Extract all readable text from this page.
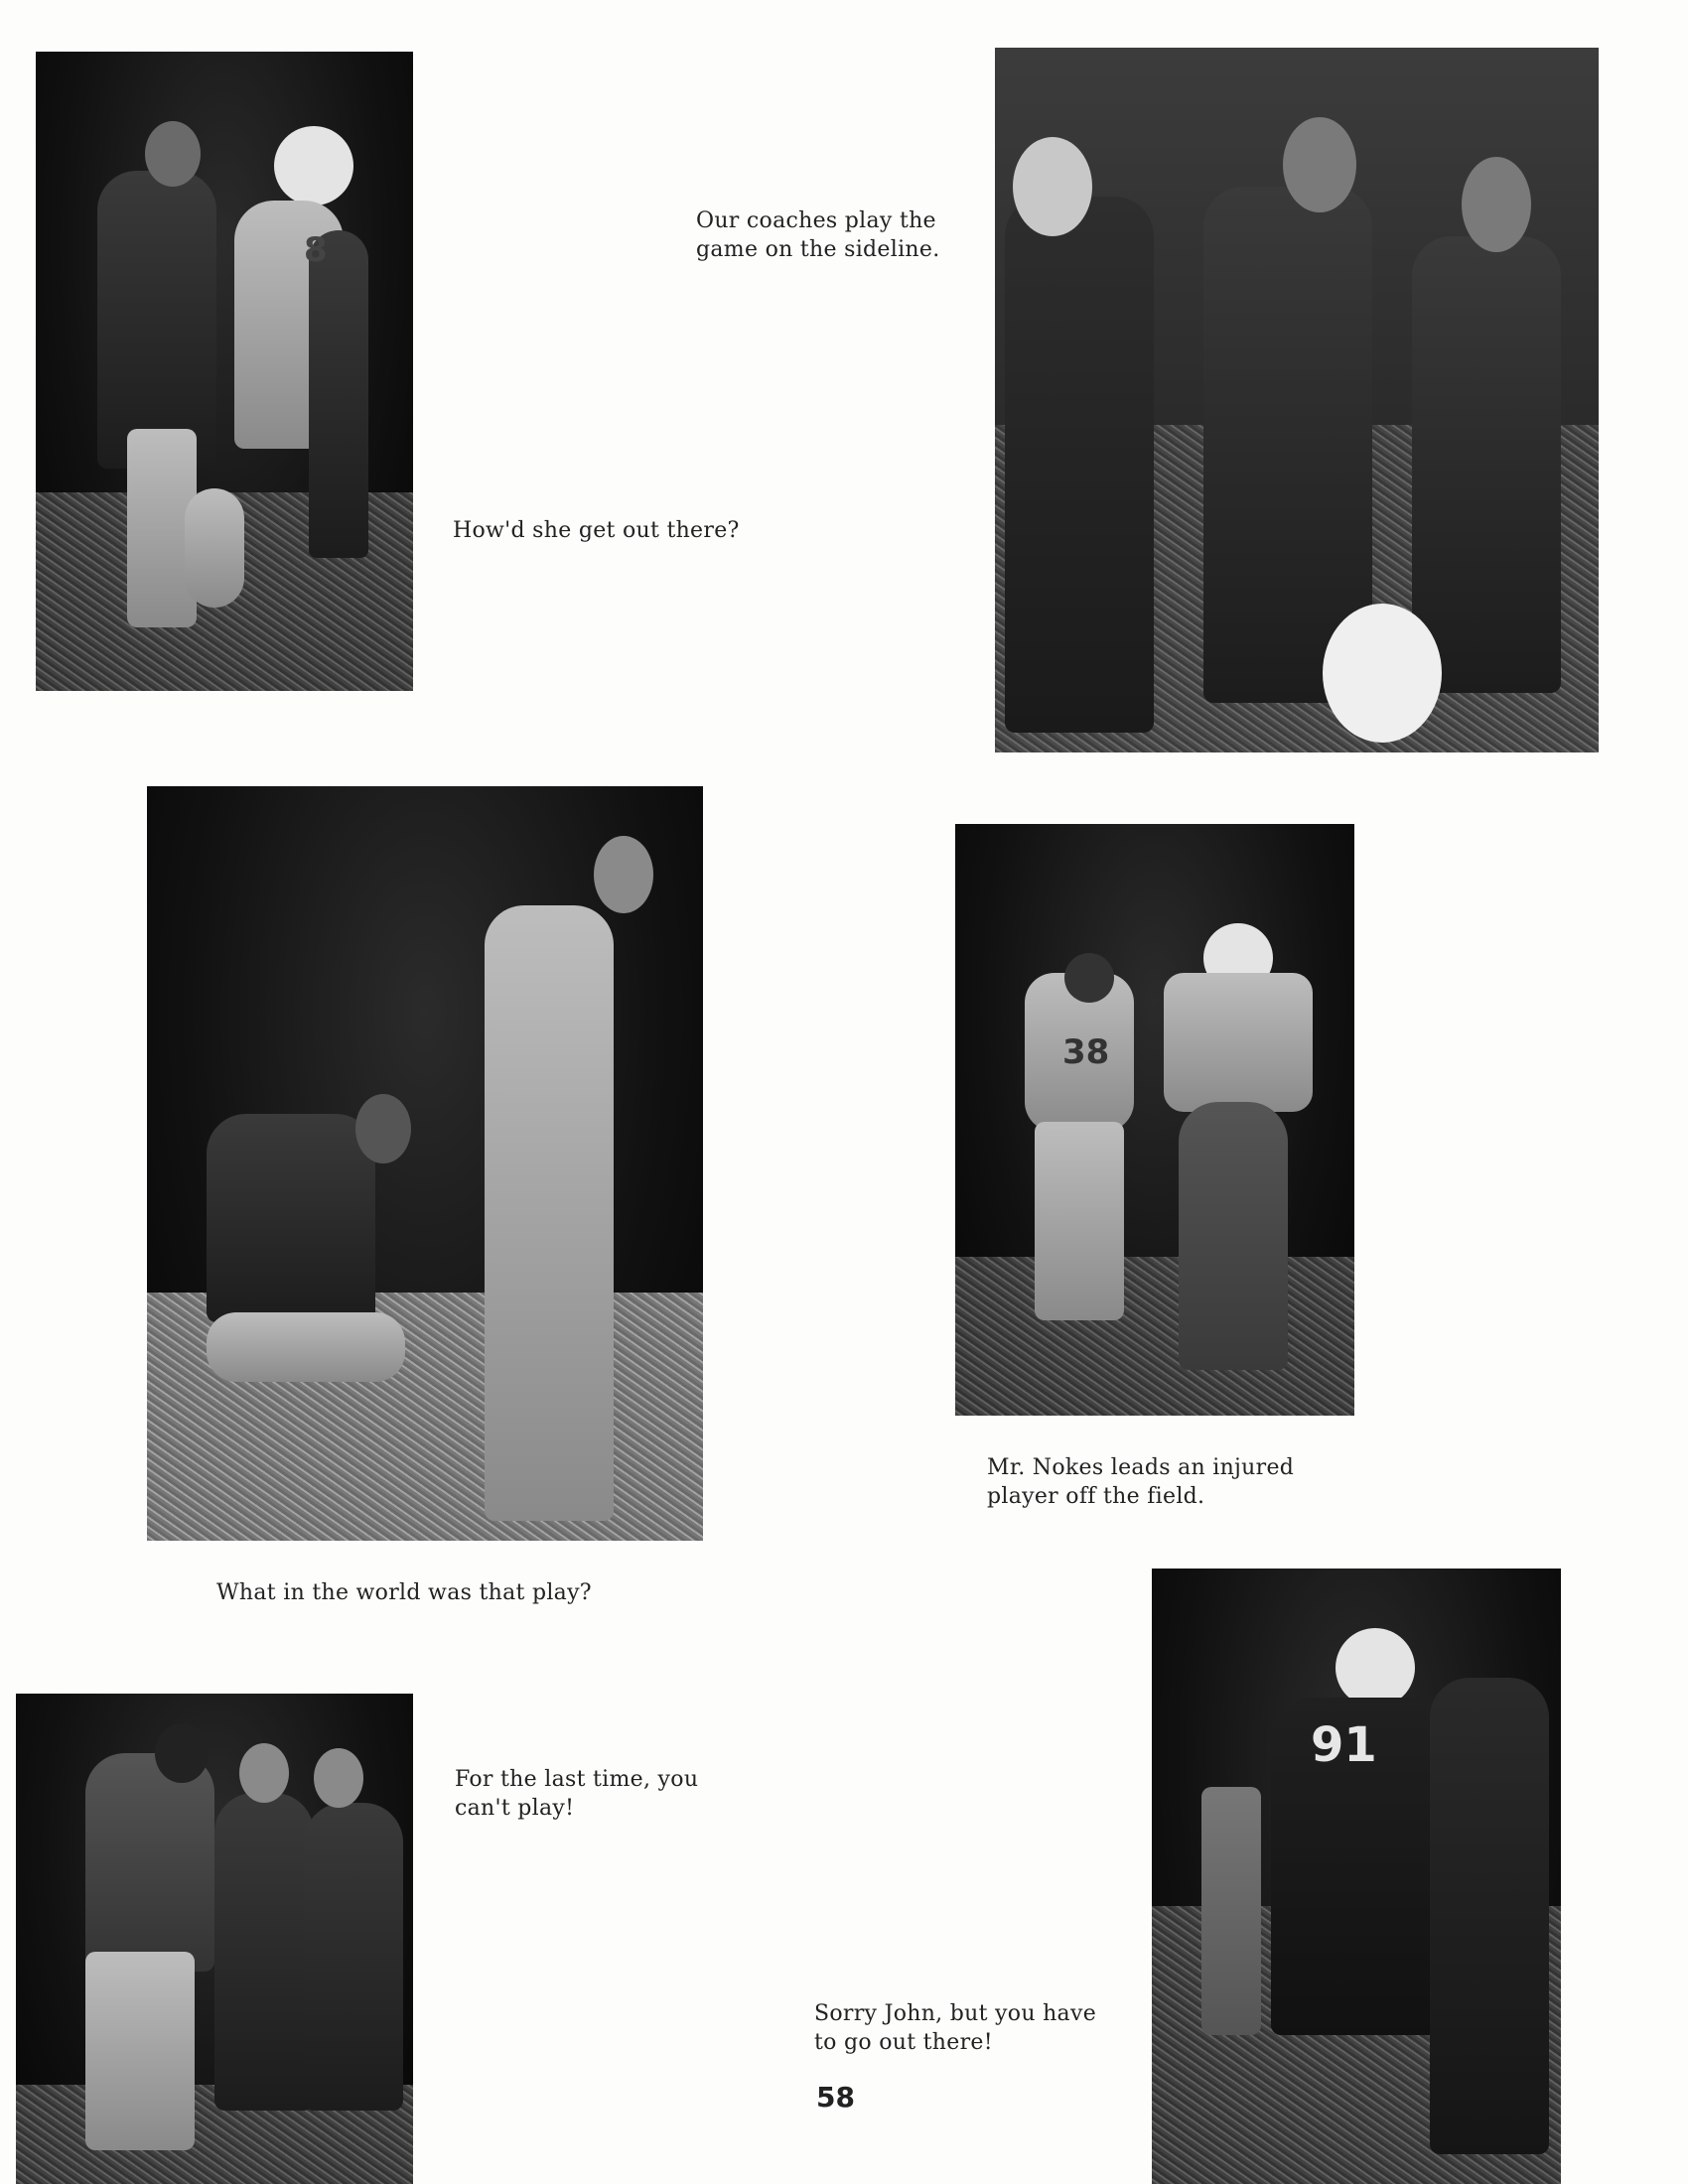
Our coaches play the
game on the sideline.
How'd she get out there?
Mr. Nokes leads an injured
player off the field.
What in the world was that play?
For the last time, you
can't play!
Sorry John, but you have
to go out there!
8
38
91
58
